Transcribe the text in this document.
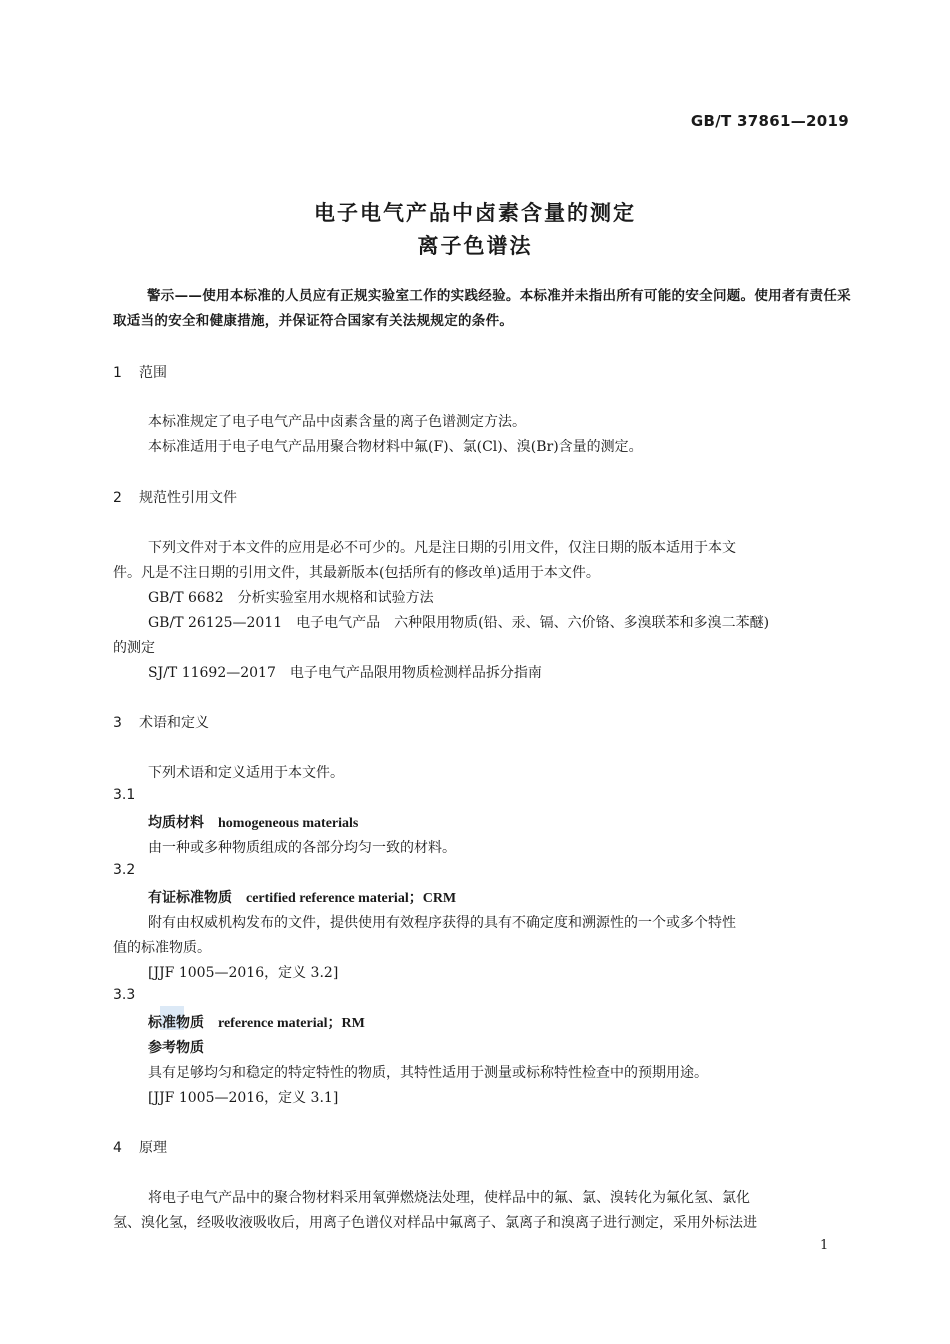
GB/T 37861—2019
电子电气产品中卤素含量的测定
离子色谱法
警示——使用本标准的人员应有正规实验室工作的实践经验。本标准并未指出所有可能的安全问题。使用者有责任采取适当的安全和健康措施，并保证符合国家有关法规规定的条件。
1 范围
本标准规定了电子电气产品中卤素含量的离子色谱测定方法。
本标准适用于电子电气产品用聚合物材料中氟(F)、氯(Cl)、溴(Br)含量的测定。
2 规范性引用文件
下列文件对于本文件的应用是必不可少的。凡是注日期的引用文件，仅注日期的版本适用于本文
件。凡是不注日期的引用文件，其最新版本(包括所有的修改单)适用于本文件。
GB/T 6682　分析实验室用水规格和试验方法
GB/T 26125—2011　电子电气产品　六种限用物质(铅、汞、镉、六价铬、多溴联苯和多溴二苯醚)
的测定
SJ/T 11692—2017　电子电气产品限用物质检测样品拆分指南
3 术语和定义
下列术语和定义适用于本文件。
3.1
均质材料 homogeneous materials
由一种或多种物质组成的各部分均匀一致的材料。
3.2
有证标准物质 certified reference material；CRM
附有由权威机构发布的文件，提供使用有效程序获得的具有不确定度和溯源性的一个或多个特性
值的标准物质。
[JJF 1005—2016，定义 3.2]
3.3
标准物质 reference material；RM
参考物质
具有足够均匀和稳定的特定特性的物质，其特性适用于测量或标称特性检查中的预期用途。
[JJF 1005—2016，定义 3.1]
4 原理
将电子电气产品中的聚合物材料采用氧弹燃烧法处理，使样品中的氟、氯、溴转化为氟化氢、氯化
氢、溴化氢，经吸收液吸收后，用离子色谱仪对样品中氟离子、氯离子和溴离子进行测定，采用外标法进
1
